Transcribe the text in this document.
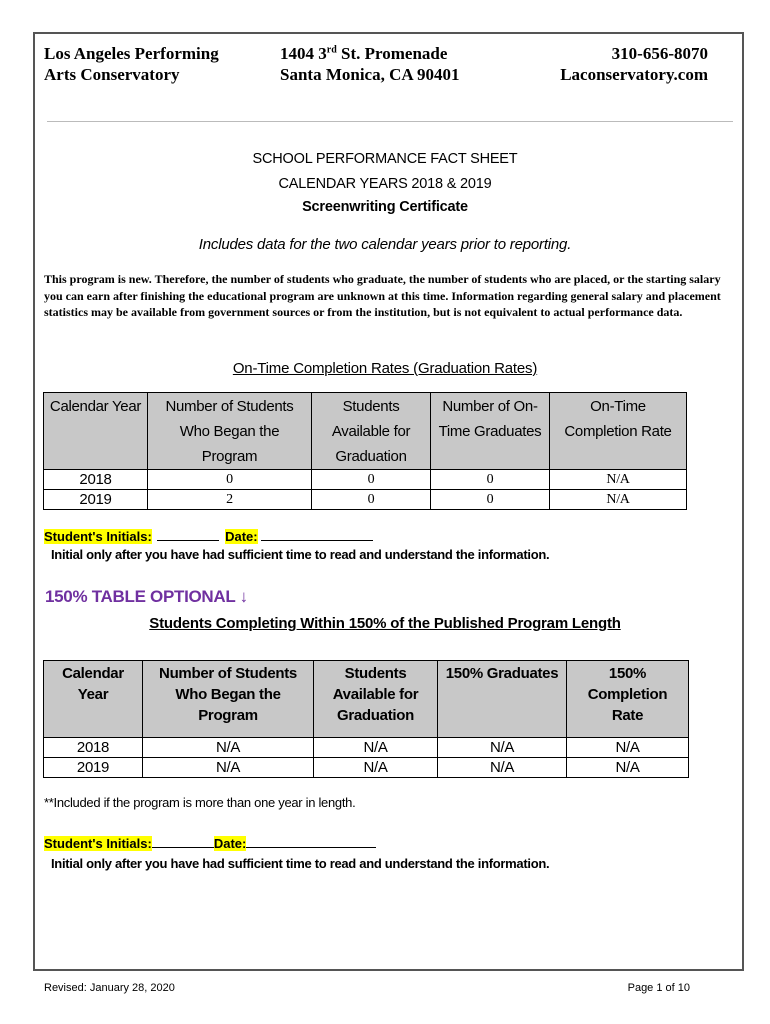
Los Angeles Performing
Arts Conservatory
1404 3rd St. Promenade
Santa Monica, CA 90401
310-656-8070
Laconservatory.com
SCHOOL PERFORMANCE FACT SHEET
CALENDAR YEARS 2018 & 2019
Screenwriting Certificate
Includes data for the two calendar years prior to reporting.
This program is new. Therefore, the number of students who graduate, the number of students who are placed, or the starting salary you can earn after finishing the educational program are unknown at this time. Information regarding general salary and placement statistics may be available from government sources or from the institution, but is not equivalent to actual performance data.
On-Time Completion Rates (Graduation Rates)
Calendar Year	Number of Students Who Began the Program	Students Available for Graduation	Number of On-Time Graduates	On-Time Completion Rate
2018	0	0	0	N/A
2019	2	0	0	N/A
Student's Initials:	Date:
Initial only after you have had sufficient time to read and understand the information.
150% TABLE OPTIONAL ↓
Students Completing Within 150% of the Published Program Length
Calendar Year	Number of Students Who Began the Program	Students Available for Graduation	150% Graduates	150% Completion Rate
2018	N/A	N/A	N/A	N/A
2019	N/A	N/A	N/A	N/A
**Included if the program is more than one year in length.
Student's Initials:	Date:
Initial only after you have had sufficient time to read and understand the information.
Revised: January 28, 2020	Page 1 of 10
